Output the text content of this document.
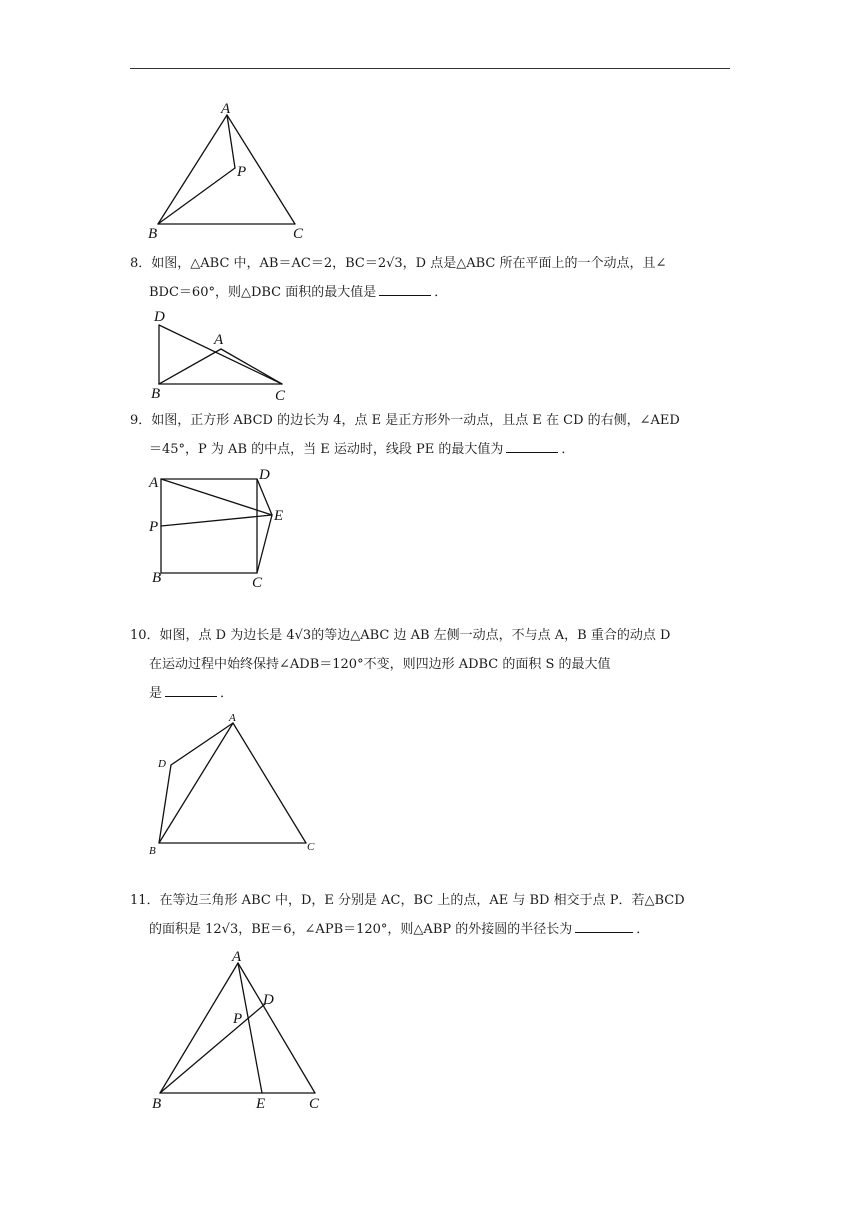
A
P
B	C
8．如图，△ABC 中，AB＝AC＝2，BC＝2√3，D 点是△ABC 所在平面上的一个动点，且∠
BDC＝60°，则△DBC 面积的最大值是	．
D
A
B	C
9．如图，正方形 ABCD 的边长为 4，点 E 是正方形外一动点，且点 E 在 CD 的右侧，∠AED
＝45°，P 为 AB 的中点，当 E 运动时，线段 PE 的最大值为	．
A	D
E
P
B	C
10．如图，点 D 为边长是 4√3的等边△ABC 边 AB 左侧一动点，不与点 A，B 重合的动点 D
在运动过程中始终保持∠ADB＝120°不变，则四边形 ADBC 的面积 S 的最大值
是	．
A
D
B	C
11．在等边三角形 ABC 中，D，E 分别是 AC，BC 上的点，AE 与 BD 相交于点 P．若△BCD
的面积是 12√3，BE＝6，∠APB＝120°，则△ABP 的外接圆的半径长为	．
A
D
P
B	E	C
